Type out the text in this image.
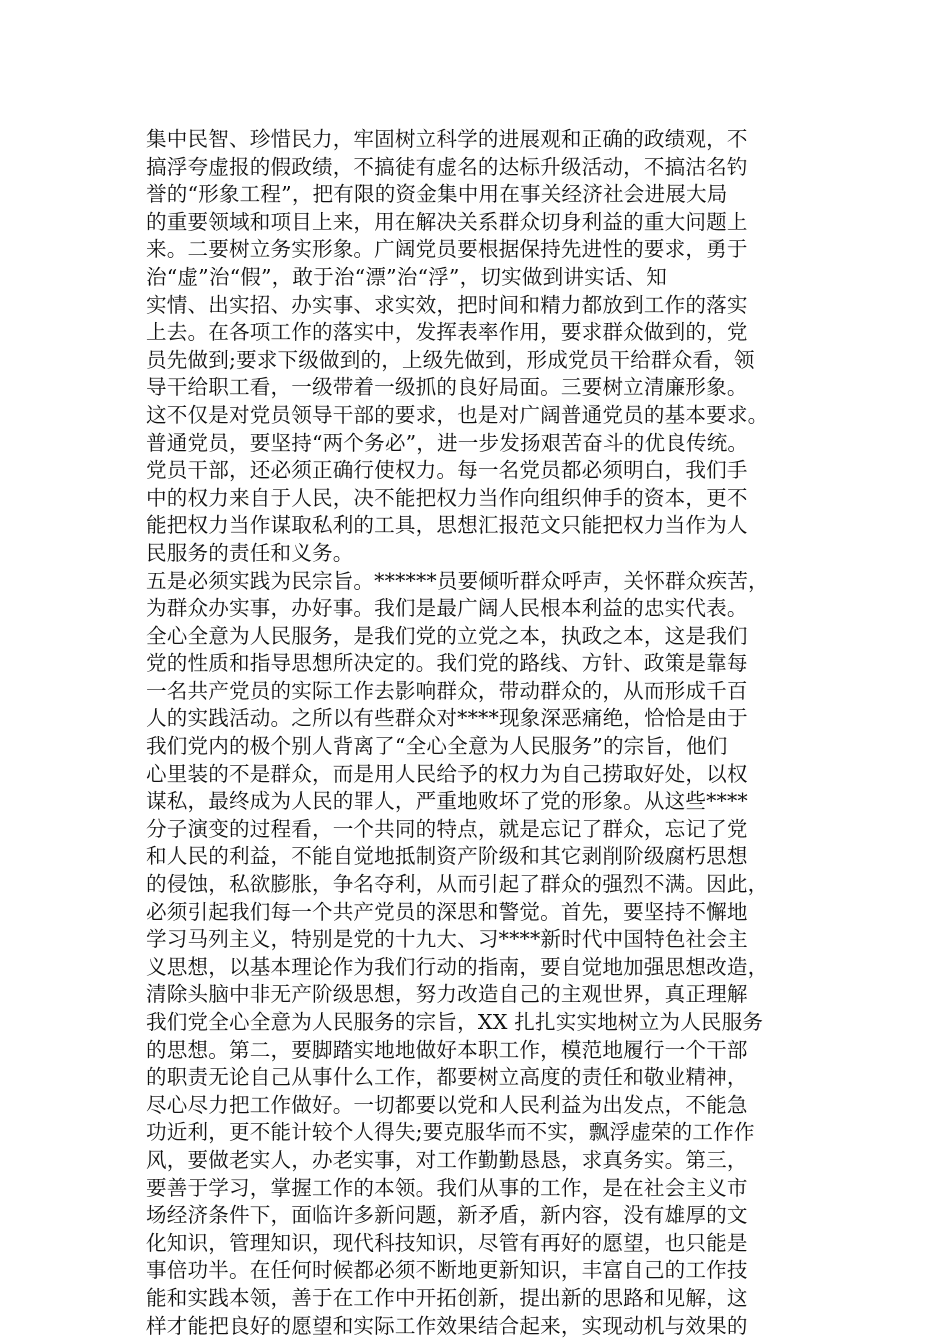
集中民智、珍惜民力，牢固树立科学的进展观和正确的政绩观，不
搞浮夸虚报的假政绩，不搞徒有虚名的达标升级活动，不搞沽名钓
誉的“形象工程”，把有限的资金集中用在事关经济社会进展大局
的重要领域和项目上来，用在解决关系群众切身利益的重大问题上
来。二要树立务实形象。广阔党员要根据保持先进性的要求，勇于
治“虚”治“假”，敢于治“漂”治“浮”，切实做到讲实话、知
实情、出实招、办实事、求实效，把时间和精力都放到工作的落实
上去。在各项工作的落实中，发挥表率作用，要求群众做到的，党
员先做到;要求下级做到的，上级先做到，形成党员干给群众看，领
导干给职工看，一级带着一级抓的良好局面。三要树立清廉形象。
这不仅是对党员领导干部的要求，也是对广阔普通党员的基本要求。
普通党员，要坚持“两个务必”，进一步发扬艰苦奋斗的优良传统。
党员干部，还必须正确行使权力。每一名党员都必须明白，我们手
中的权力来自于人民，决不能把权力当作向组织伸手的资本，更不
能把权力当作谋取私利的工具，思想汇报范文只能把权力当作为人
民服务的责任和义务。
五是必须实践为民宗旨。******员要倾听群众呼声，关怀群众疾苦，
为群众办实事，办好事。我们是最广阔人民根本利益的忠实代表。
全心全意为人民服务，是我们党的立党之本，执政之本，这是我们
党的性质和指导思想所决定的。我们党的路线、方针、政策是靠每
一名共产党员的实际工作去影响群众，带动群众的，从而形成千百
人的实践活动。之所以有些群众对****现象深恶痛绝，恰恰是由于
我们党内的极个别人背离了“全心全意为人民服务”的宗旨，他们
心里装的不是群众，而是用人民给予的权力为自己捞取好处，以权
谋私，最终成为人民的罪人，严重地败坏了党的形象。从这些****
分子演变的过程看，一个共同的特点，就是忘记了群众，忘记了党
和人民的利益，不能自觉地抵制资产阶级和其它剥削阶级腐朽思想
的侵蚀，私欲膨胀，争名夺利，从而引起了群众的强烈不满。因此，
必须引起我们每一个共产党员的深思和警觉。首先，要坚持不懈地
学习马列主义，特别是党的十九大、习****新时代中国特色社会主
义思想，以基本理论作为我们行动的指南，要自觉地加强思想改造，
清除头脑中非无产阶级思想，努力改造自己的主观世界，真正理解
我们党全心全意为人民服务的宗旨，XX 扎扎实实地树立为人民服务
的思想。第二，要脚踏实地地做好本职工作，模范地履行一个干部
的职责无论自己从事什么工作，都要树立高度的责任和敬业精神，
尽心尽力把工作做好。一切都要以党和人民利益为出发点，不能急
功近利，更不能计较个人得失;要克服华而不实，飘浮虚荣的工作作
风，要做老实人，办老实事，对工作勤勤恳恳，求真务实。第三，
要善于学习，掌握工作的本领。我们从事的工作，是在社会主义市
场经济条件下，面临许多新问题，新矛盾，新内容，没有雄厚的文
化知识，管理知识，现代科技知识，尽管有再好的愿望，也只能是
事倍功半。在任何时候都必须不断地更新知识，丰富自己的工作技
能和实践本领，善于在工作中开拓创新，提出新的思路和见解，这
样才能把良好的愿望和实际工作效果结合起来，实现动机与效果的
